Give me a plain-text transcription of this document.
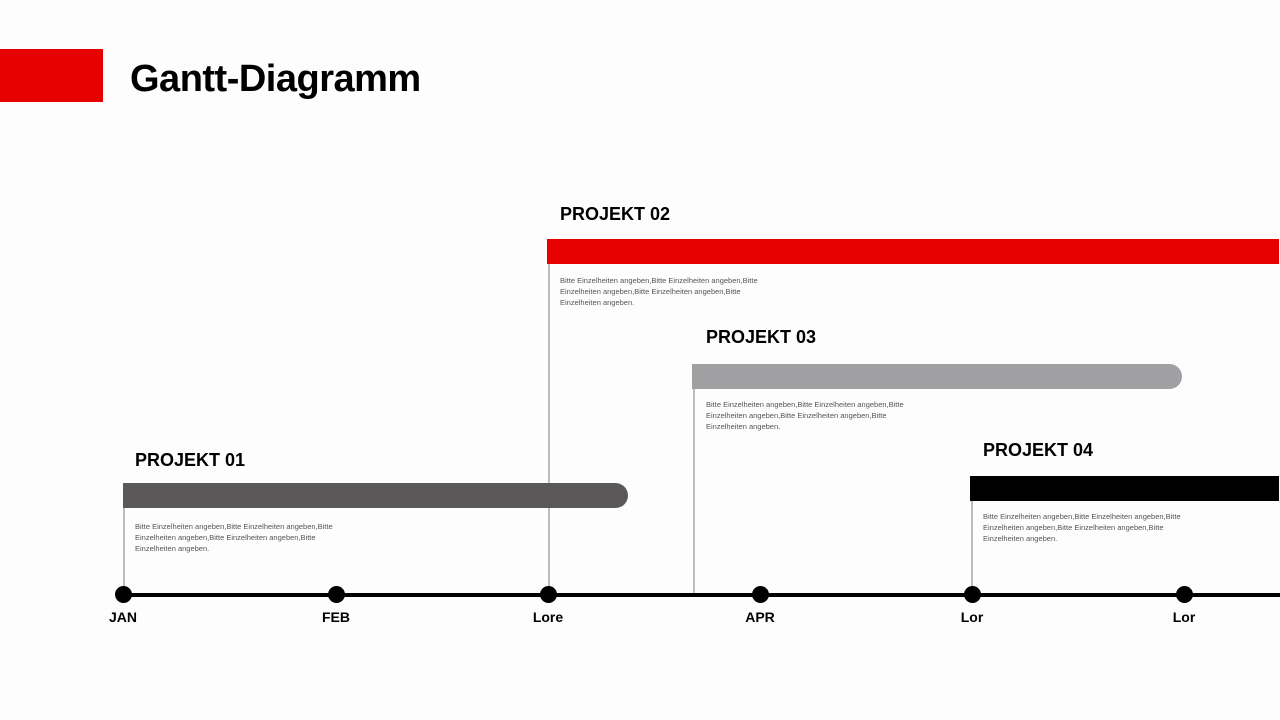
Gantt-Diagramm
PROJEKT 02
PROJEKT 03
PROJEKT 04
PROJEKT 01

Bitte Einzelheiten angeben,Bitte Einzelheiten angeben,Bitte Einzelheiten angeben,Bitte Einzelheiten angeben,Bitte Einzelheiten angeben.

Bitte Einzelheiten angeben,Bitte Einzelheiten angeben,Bitte Einzelheiten angeben,Bitte Einzelheiten angeben,Bitte Einzelheiten angeben.

Bitte Einzelheiten angeben,Bitte Einzelheiten angeben,Bitte Einzelheiten angeben,Bitte Einzelheiten angeben,Bitte Einzelheiten angeben.

Bitte Einzelheiten angeben,Bitte Einzelheiten angeben,Bitte Einzelheiten angeben,Bitte Einzelheiten angeben,Bitte Einzelheiten angeben.

JAN	FEB	Lore	APR	Lor	Lor
